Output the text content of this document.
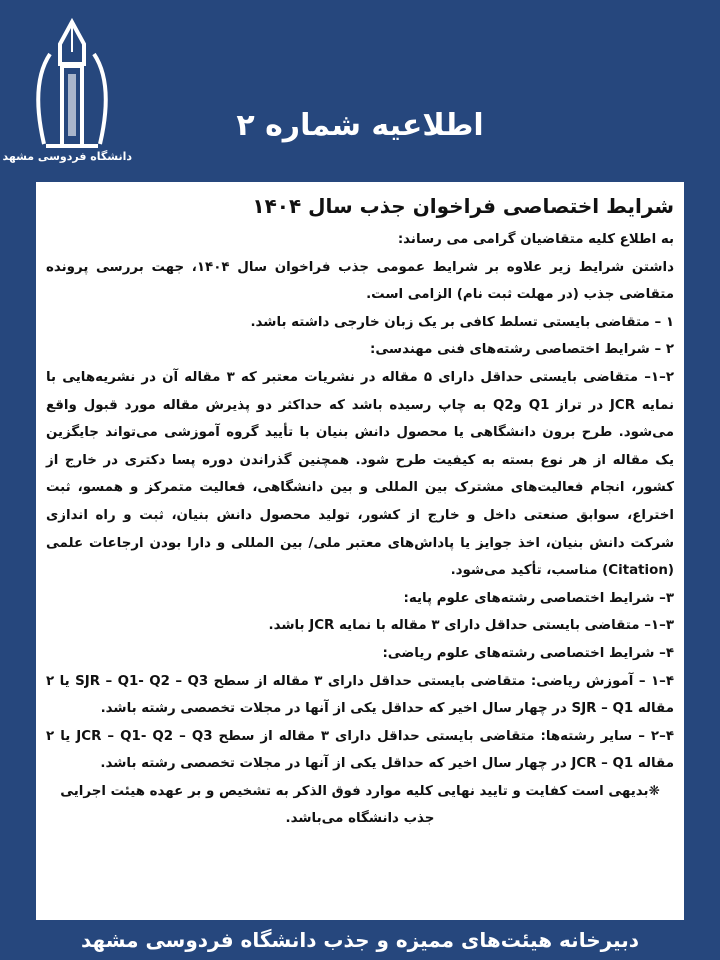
دانشگاه فردوسی مشهد
اطلاعیه شماره ۲
شرایط اختصاصی فراخوان جذب سال ۱۴۰۴

به اطلاع کلیه متقاضیان گرامی می رساند:

داشتن شرایط زیر علاوه بر شرایط عمومی جذب فراخوان سال ۱۴۰۴، جهت بررسی پرونده متقاضی جذب (در مهلت ثبت نام) الزامی است.

۱ – متقاضی بایستی تسلط کافی بر یک زبان خارجی داشته باشد.

۲ – شرایط اختصاصی رشته‌های فنی مهندسی:

۲–۱– متقاضی بایستی حداقل دارای ۵ مقاله در نشریات معتبر که ۳ مقاله آن در نشریه‌هایی با نمایه JCR در تراز Q1 وQ2 به چاپ رسیده باشد که حداکثر دو پذیرش مقاله مورد قبول واقع می‌شود. طرح برون دانشگاهی یا محصول دانش بنیان با تأیید گروه آموزشی می‌تواند جایگزین یک مقاله از هر نوع بسته به کیفیت طرح شود. همچنین گذراندن دوره پسا دکتری در خارج از کشور، انجام فعالیت‌های مشترک بین المللی و بین دانشگاهی، فعالیت متمرکز و همسو، ثبت اختراع، سوابق صنعتی داخل و خارج از کشور، تولید محصول دانش بنیان، ثبت و راه اندازی شرکت دانش بنیان، اخذ جوایز یا پاداش‌های معتبر ملی/ بین المللی و دارا بودن ارجاعات علمی (Citation) مناسب، تأکید می‌شود.

۳– شرایط اختصاصی رشته‌های علوم پایه:

۳–۱– متقاضی بایستی حداقل دارای ۳ مقاله با نمایه JCR باشد.

۴– شرایط اختصاصی رشته‌های علوم ریاضی:

۴–۱ – آموزش ریاضی: متقاضی بایستی حداقل دارای ۳ مقاله از سطح SJR – Q1- Q2 – Q3 یا ۲ مقاله SJR – Q1 در چهار سال اخیر که حداقل یکی از آنها در مجلات تخصصی رشته باشد.

۴–۲ – سایر رشته‌ها: متقاضی بایستی حداقل دارای ۳ مقاله از سطح JCR – Q1- Q2 – Q3 یا ۲ مقاله JCR – Q1 در چهار سال اخیر که حداقل یکی از آنها در مجلات تخصصی رشته باشد.

❋بدیهی است کفایت و تایید نهایی کلیه موارد فوق الذکر به تشخیص و بر عهده هیئت اجرایی جذب دانشگاه می‌باشد.

دبیرخانه هیئت‌های ممیزه و جذب دانشگاه فردوسی مشهد
